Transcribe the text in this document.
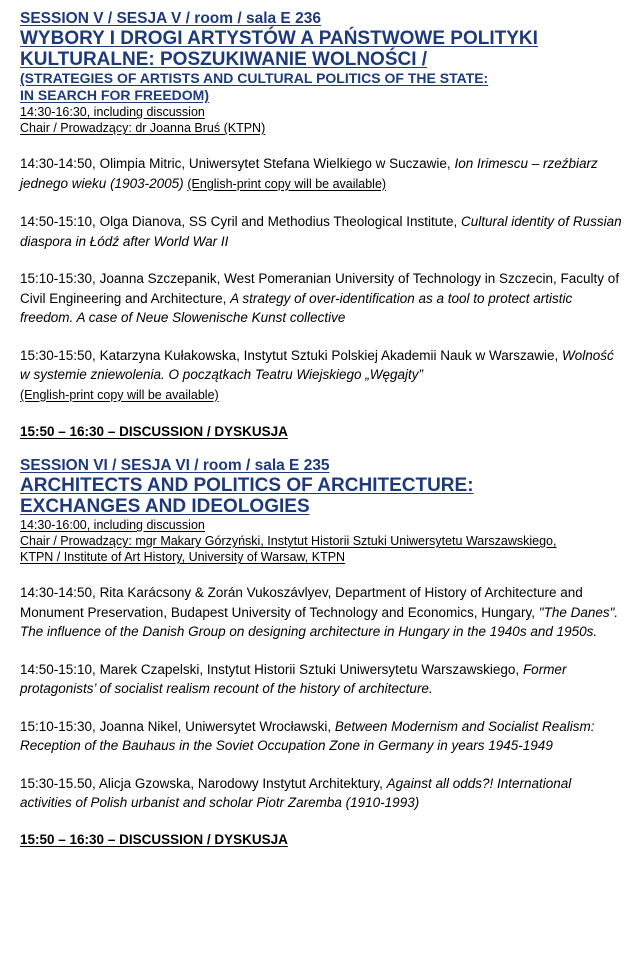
SESSION V / SESJA V / room / sala E 236
WYBORY I DROGI ARTYSTÓW A PAŃSTWOWE POLITYKI
KULTURALNE: POSZUKIWANIE WOLNOŚCI /
(STRATEGIES OF ARTISTS AND CULTURAL POLITICS OF THE STATE:
IN SEARCH FOR FREEDOM)
14:30-16:30, including discussion
Chair / Prowadzący: dr Joanna Bruś (KTPN)
14:30-14:50, Olimpia Mitric, Uniwersytet Stefana Wielkiego w Suczawie, Ion Irimescu – rzeźbiarz jednego wieku (1903-2005) (English-print copy will be available)
14:50-15:10, Olga Dianova, SS Cyril and Methodius Theological Institute, Cultural identity of Russian diaspora in Łódź after World War II
15:10-15:30, Joanna Szczepanik, West Pomeranian University of Technology in Szczecin, Faculty of Civil Engineering and Architecture, A strategy of over-identification as a tool to protect artistic freedom. A case of Neue Slowenische Kunst collective
15:30-15:50, Katarzyna Kułakowska, Instytut Sztuki Polskiej Akademii Nauk w Warszawie, Wolność w systemie zniewolenia. O początkach Teatru Wiejskiego „Węgajty”
(English-print copy will be available)
15:50 – 16:30 – DISCUSSION / DYSKUSJA
SESSION VI / SESJA VI / room / sala E 235
ARCHITECTS AND POLITICS OF ARCHITECTURE:
EXCHANGES AND IDEOLOGIES
14:30-16:00, including discussion
Chair / Prowadzący: mgr Makary Górzyński, Instytut Historii Sztuki Uniwersytetu Warszawskiego,
KTPN / Institute of Art History, University of Warsaw, KTPN
14:30-14:50, Rita Karácsony & Zorán Vukoszávlyev, Department of History of Architecture and Monument Preservation, Budapest University of Technology and Economics, Hungary, "The Danes". The influence of the Danish Group on designing architecture in Hungary in the 1940s and 1950s.
14:50-15:10, Marek Czapelski, Instytut Historii Sztuki Uniwersytetu Warszawskiego, Former protagonists’ of socialist realism recount of the history of architecture.
15:10-15:30, Joanna Nikel, Uniwersytet Wrocławski, Between Modernism and Socialist Realism: Reception of the Bauhaus in the Soviet Occupation Zone in Germany in years 1945-1949
15:30-15.50, Alicja Gzowska, Narodowy Instytut Architektury, Against all odds?! International activities of Polish urbanist and scholar Piotr Zaremba (1910-1993)
15:50 – 16:30 – DISCUSSION / DYSKUSJA
